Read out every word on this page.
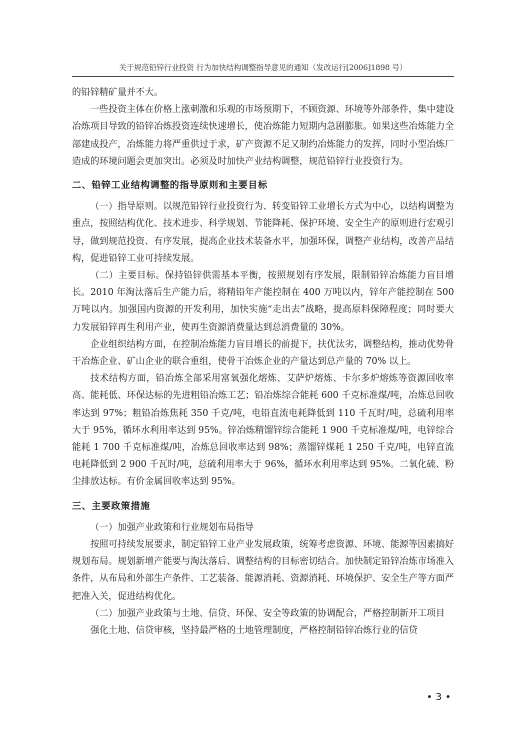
关于规范铅锌行业投资 行为加快结构调整指导意见的通知（发改运行[2006]1898 号）

的铅锌精矿量并不大。

一些投资主体在价格上涨刺激和乐观的市场预期下，不顾资源、环境等外部条件，集中建设冶炼项目导致的铅锌冶炼投资连续快速增长，使冶炼能力短期内急剧膨胀。如果这些冶炼能力全部建成投产，冶炼能力将严重供过于求，矿产资源不足又制约冶炼能力的发挥，同时小型冶炼厂造成的环境问题会更加突出。必须及时加快产业结构调整，规范铅锌行业投资行为。

二、铅锌工业结构调整的指导原则和主要目标

（一）指导原则。以规范铅锌行业投资行为、转变铅锌工业增长方式为中心，以结构调整为重点，按照结构优化、技术进步、科学规划、节能降耗、保护环境、安全生产的原则进行宏观引导，做到规范投资、有序发展，提高企业技术装备水平，加强环保，调整产业结构，改善产品结构，促进铅锌工业可持续发展。

（二）主要目标。保持铅锌供需基本平衡，按照规划有序发展，限制铅锌冶炼能力盲目增长。2010 年淘汰落后生产能力后，将精铅年产能控制在 400 万吨以内，锌年产能控制在 500 万吨以内。加强国内资源的开发利用，加快实施“走出去”战略，提高原料保障程度；同时要大力发展铅锌再生利用产业，使再生资源消费量达到总消费量的 30%。

企业组织结构方面，在控制冶炼能力盲目增长的前提下，扶优汰劣，调整结构，推动优势骨干冶炼企业、矿山企业的联合重组，使骨干冶炼企业的产量达到总产量的 70% 以上。

技术结构方面，铅冶炼全部采用富氧强化熔炼、艾萨炉熔炼、卡尔多炉熔炼等资源回收率高、能耗低、环保达标的先进粗铅冶炼工艺；铅冶炼综合能耗 600 千克标准煤/吨，冶炼总回收率达到 97%；粗铅冶炼焦耗 350 千克/吨，电铅直流电耗降低到 110 千瓦时/吨，总硫利用率大于 95%，循环水利用率达到 95%。锌冶炼精馏锌综合能耗 1 900 千克标准煤/吨，电锌综合能耗 1 700 千克标准煤/吨，冶炼总回收率达到 98%；蒸馏锌煤耗 1 250 千克/吨，电锌直流电耗降低到 2 900 千瓦时/吨，总硫利用率大于 96%，循环水利用率达到 95%。二氧化硫、粉尘排放达标。有价金属回收率达到 95%。

三、主要政策措施

（一）加强产业政策和行业规划布局指导

按照可持续发展要求，制定铅锌工业产业发展政策，统筹考虑资源、环境、能源等因素搞好规划布局。规划新增产能要与淘汰落后、调整结构的目标密切结合。加快制定铅锌冶炼市场准入条件，从布局和外部生产条件、工艺装备、能源消耗、资源消耗、环境保护、安全生产等方面严把准入关，促进结构优化。

（二）加强产业政策与土地、信贷、环保、安全等政策的协调配合，严格控制新开工项目

强化土地、信贷审核，坚持最严格的土地管理制度，严格控制铅锌冶炼行业的信贷

• 3 •
